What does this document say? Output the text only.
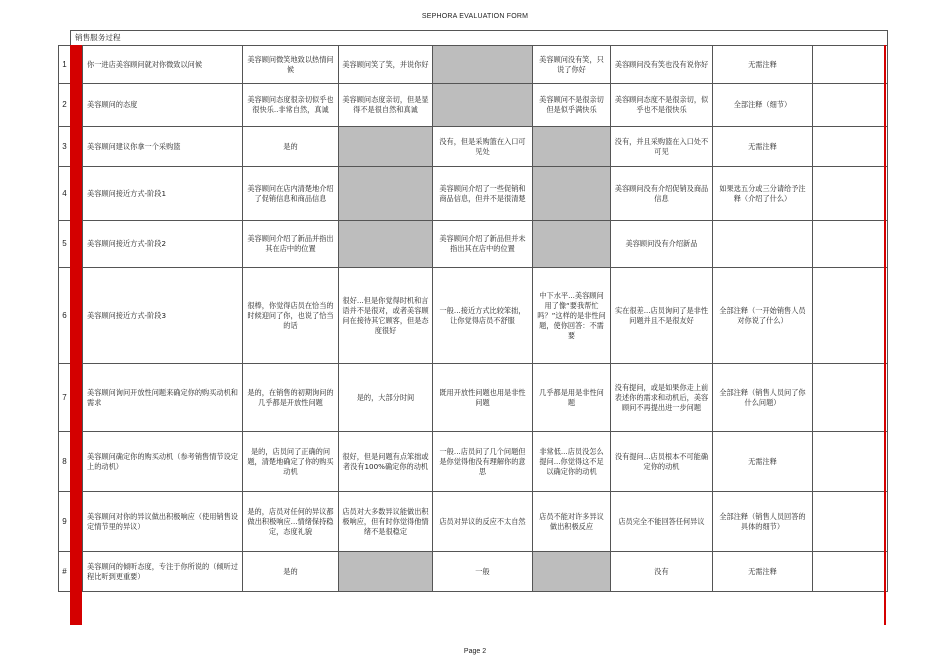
SEPHORA EVALUATION FORM
	销售服务过程								
1		你一进店美容顾问就对你微致以问候	美容顾问微笑地致以热情问候	美容顾问笑了笑，并说你好		美容顾问没有笑，只说了你好	美容顾问没有笑也没有说你好	无需注释	
2		美容顾问的态度	美容顾问态度很亲切似乎也很快乐..非常自然，真诚	美容顾问态度亲切，但是显得不是很自然和真诚		美容顾问不是很亲切但是似乎满快乐	美容顾问态度不是很亲切，似乎也不是很快乐	全部注释（细节）	
3		美容顾问建议你拿一个采购篮	是的		没有，但是采购篮在入口可见处		没有，并且采购篮在入口处不可见	无需注释	
4		美容顾问接近方式-阶段1	美容顾问在店内清楚地介绍了促销信息和商品信息		美容顾问介绍了一些促销和商品信息，但并不是很清楚		美容顾问没有介绍促销及商品信息	如果选五分或三分请给予注释（介绍了什么）	
5		美容顾问接近方式-阶段2	美容顾问介绍了新品并指出其在店中的位置		美容顾问介绍了新品但并未指出其在店中的位置		美容顾问没有介绍新品		
6		美容顾问接近方式-阶段3	很棒，你觉得店员在恰当的时候迎问了你，也说了恰当的话	很好...但是你觉得时机和言语并不是很对，或者美容顾问在接待其它顾客，但是态度很好	一般...接近方式比较笨拙，让你觉得店员不舒服	中下水平...美容顾问用了像“要我帮忙吗？”这样的是非性问题，使你回答：不需要	实在很差...店员询问了是非性问题并且不是很友好	全部注释（一开始销售人员对你说了什么）	
7		美容顾问询问开放性问题来确定你的购买动机和需求	是的，在销售的初期询问的几乎都是开放性问题	是的，大部分时间	既用开放性问题也用是非性问题	几乎都是用是非性问题	没有提问，或是如果你走上前表述你的需求和动机后，美容顾问不再提出进一步问题	全部注释（销售人员问了你什么问题）	
8		美容顾问确定你的购买动机（参考销售情节设定上的动机）	是的，店员问了正确的问题，清楚地确定了你的购买动机	很好，但是问题有点笨拙或者没有100%确定你的动机	一般...店员问了几个问题但是你觉得他没有理解你的意思	非常低...店员没怎么提问...你觉得这不足以确定你的动机	没有提问...店员根本不可能确定你的动机	无需注释	
9		美容顾问对你的异议做出积极响应（使用销售设定情节里的异议）	是的，店员对任何的异议都做出积极响应...情绪保持稳定，态度礼貌	店员对大多数异议能做出积极响应，但有时你觉得他情绪不是很稳定	店员对异议的反应不太自然	店员不能对许多异议做出积极反应	店员完全不能回答任何异议	全部注释（销售人员回答的具体的细节）	
#		美容顾问的倾听态度，专注于你所说的（倾听过程比听到更重要）	是的		一般		没有	无需注释	
Page 2
